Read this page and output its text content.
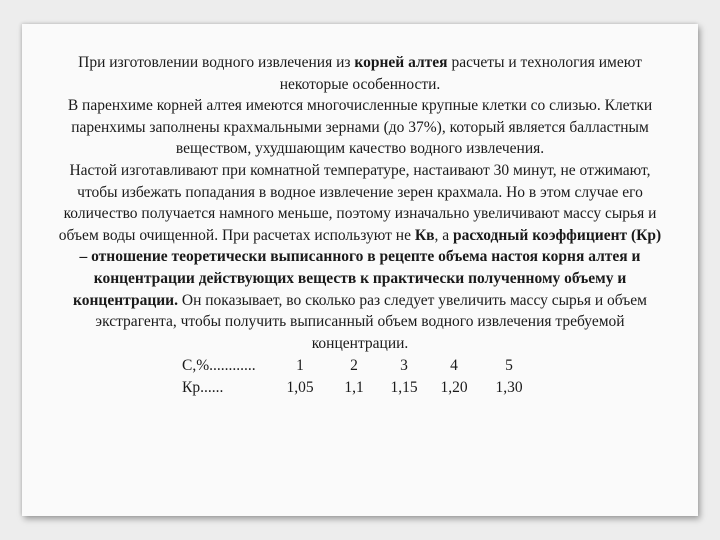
При изготовлении водного извлечения из корней алтея расчеты и технология имеют некоторые особенности.

В паренхиме корней алтея имеются многочисленные крупные клетки со слизью. Клетки паренхимы заполнены крахмальными зернами (до 37%), который является балластным веществом, ухудшающим качество водного извлечения.

Настой изготавливают при комнатной температуре, настаивают 30 минут, не отжимают, чтобы избежать попадания в водное извлечение зерен крахмала. Но в этом случае его количество получается намного меньше, поэтому изначально увеличивают массу сырья и объем воды очищенной. При расчетах используют не Кв, а расходный коэффициент (Кр) – отношение теоретически выписанного в рецепте объема настоя корня алтея и концентрации действующих веществ к практически полученному объему и концентрации. Он показывает, во сколько раз следует увеличить массу сырья и объем экстрагента, чтобы получить выписанный объем водного извлечения требуемой концентрации.

С,%............	1	2	3	4	5
Кр......	1,05	1,1	1,15	1,20	1,30
